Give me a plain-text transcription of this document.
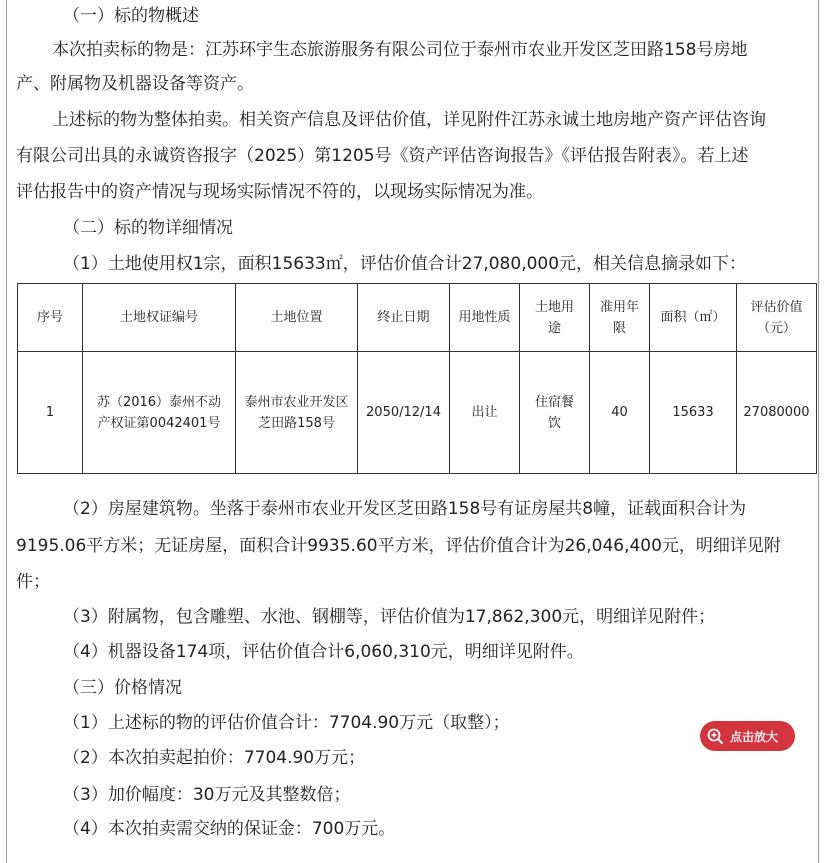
（一）标的物概述

本次拍卖标的物是：江苏环宇生态旅游服务有限公司位于泰州市农业开发区芝田路158号房地

产、附属物及机器设备等资产。

上述标的物为整体拍卖。相关资产信息及评估价值，详见附件江苏永诚土地房地产资产评估咨询

有限公司出具的永诚资咨报字（2025）第1205号《资产评估咨询报告》《评估报告附表》。若上述

评估报告中的资产情况与现场实际情况不符的，以现场实际情况为准。

（二）标的物详细情况

（1）土地使用权1宗，面积15633㎡，评估价值合计27,080,000元，相关信息摘录如下：

序号	土地权证编号	土地位置	终止日期	用地性质	土地用途	准用年限	面积（㎡）	评估价值（元）
1	苏（2016）泰州不动产权证第0042401号	泰州市农业开发区芝田路158号	2050/12/14	出让	住宿餐饮	40	15633	27080000

（2）房屋建筑物。坐落于泰州市农业开发区芝田路158号有证房屋共8幢，证载面积合计为

9195.06平方米；无证房屋，面积合计9935.60平方米，评估价值合计为26,046,400元，明细详见附

件；

（3）附属物，包含雕塑、水池、钢棚等，评估价值为17,862,300元，明细详见附件；

（4）机器设备174项，评估价值合计6,060,310元，明细详见附件。

（三）价格情况

（1）上述标的物的评估价值合计：7704.90万元（取整）；

（2）本次拍卖起拍价：7704.90万元；

（3）加价幅度：30万元及其整数倍；

（4）本次拍卖需交纳的保证金：700万元。

点击放大
